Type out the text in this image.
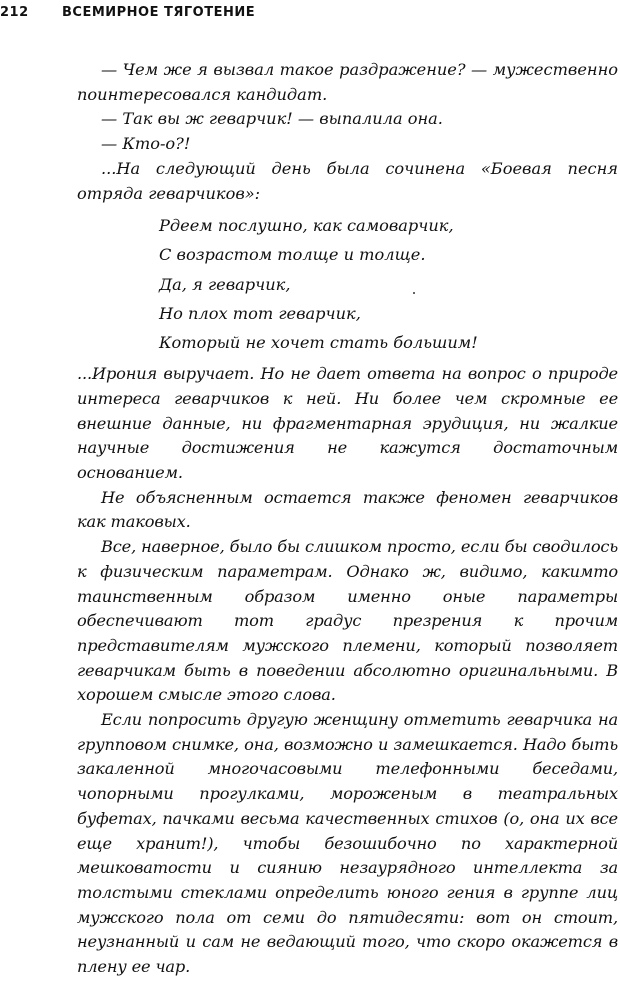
212	ВСЕМИРНОЕ ТЯГОТЕНИЕ

— Чем же я вызвал такое раздражение? — мужественно поинтересовался кандидат.

— Так вы ж геварчик! — выпалила она.

— Кто-о?!

...На следующий день была сочинена «Боевая песня отряда геварчиков»:

Рдеем послушно, как самоварчик,
С возрастом толще и толще.
Да, я геварчик,
Но плох тот геварчик,
Который не хочет стать большим!

...Ирония выручает. Но не дает ответа на вопрос о природе интереса геварчиков к ней. Ни более чем скромные ее внешние данные, ни фрагментарная эрудиция, ни жалкие научные достижения не кажутся достаточным основанием.

Не объясненным остается также феномен геварчиков как таковых.

Все, наверное, было бы слишком просто, если бы сводилось к физическим параметрам. Однако ж, видимо, какимто таинственным образом именно оные параметры обеспечивают тот градус презрения к прочим представителям мужского племени, который позволяет геварчикам быть в поведении абсолютно оригинальными. В хорошем смысле этого слова.

Если попросить другую женщину отметить геварчика на групповом снимке, она, возможно и замешкается. Надо быть закаленной многочасовыми телефонными беседами, чопорными прогулками, мороженым в театральных буфетах, пачками весьма качественных стихов (о, она их все еще хранит!), чтобы безошибочно по характерной мешковатости и сиянию незаурядного интеллекта за толстыми стеклами определить юного гения в группе лиц мужского пола от семи до пятидесяти: вот он стоит, неузнанный и сам не ведающий того, что скоро окажется в плену ее чар.
